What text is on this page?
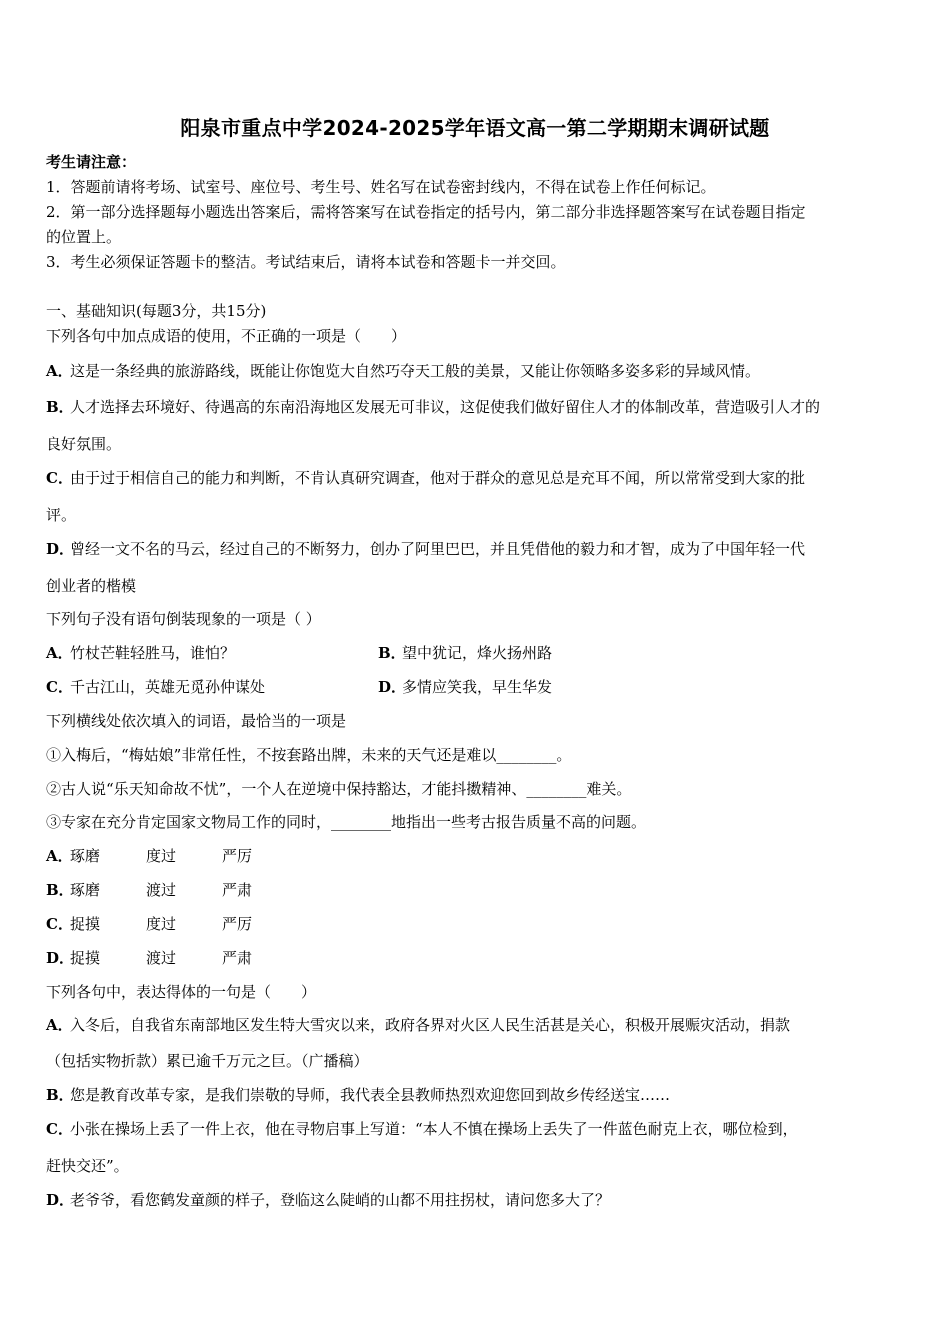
阳泉市重点中学2024-2025学年语文高一第二学期期末调研试题
考生请注意：
1．答题前请将考场、试室号、座位号、考生号、姓名写在试卷密封线内，不得在试卷上作任何标记。
2．第一部分选择题每小题选出答案后，需将答案写在试卷指定的括号内，第二部分非选择题答案写在试卷题目指定
的位置上。
3．考生必须保证答题卡的整洁。考试结束后，请将本试卷和答题卡一并交回。
一、基础知识(每题3分，共15分)
下列各句中加点成语的使用，不正确的一项是（　　）
A．这是一条经典的旅游路线，既能让你饱览大自然巧夺天工般的美景，又能让你领略多姿多彩的异域风情。
B．人才选择去环境好、待遇高的东南沿海地区发展无可非议，这促使我们做好留住人才的体制改革，营造吸引人才的
良好氛围。
C．由于过于相信自己的能力和判断，不肯认真研究调查，他对于群众的意见总是充耳不闻，所以常常受到大家的批
评。
D．曾经一文不名的马云，经过自己的不断努力，创办了阿里巴巴，并且凭借他的毅力和才智，成为了中国年轻一代
创业者的楷模
下列句子没有语句倒装现象的一项是（ ）
A．竹杖芒鞋轻胜马，谁怕？	B．望中犹记，烽火扬州路
C．千古江山，英雄无觅孙仲谋处	D．多情应笑我，早生华发
下列横线处依次填入的词语，最恰当的一项是
①入梅后，“梅姑娘”非常任性，不按套路出牌，未来的天气还是难以________。
②古人说“乐天知命故不忧”，一个人在逆境中保持豁达，才能抖擞精神、________难关。
③专家在充分肯定国家文物局工作的同时，________地指出一些考古报告质量不高的问题。
A．琢磨	度过	严厉
B．琢磨	渡过	严肃
C．捉摸	度过	严厉
D．捉摸	渡过	严肃
下列各句中，表达得体的一句是（　　）
A．入冬后，自我省东南部地区发生特大雪灾以来，政府各界对火区人民生活甚是关心，积极开展赈灾活动，捐款
（包括实物折款）累已逾千万元之巨。（广播稿）
B．您是教育改革专家，是我们崇敬的导师，我代表全县教师热烈欢迎您回到故乡传经送宝……
C．小张在操场上丢了一件上衣，他在寻物启事上写道：“本人不慎在操场上丢失了一件蓝色耐克上衣，哪位检到，
赶快交还”。
D．老爷爷，看您鹤发童颜的样子，登临这么陡峭的山都不用拄拐杖，请问您多大了？
